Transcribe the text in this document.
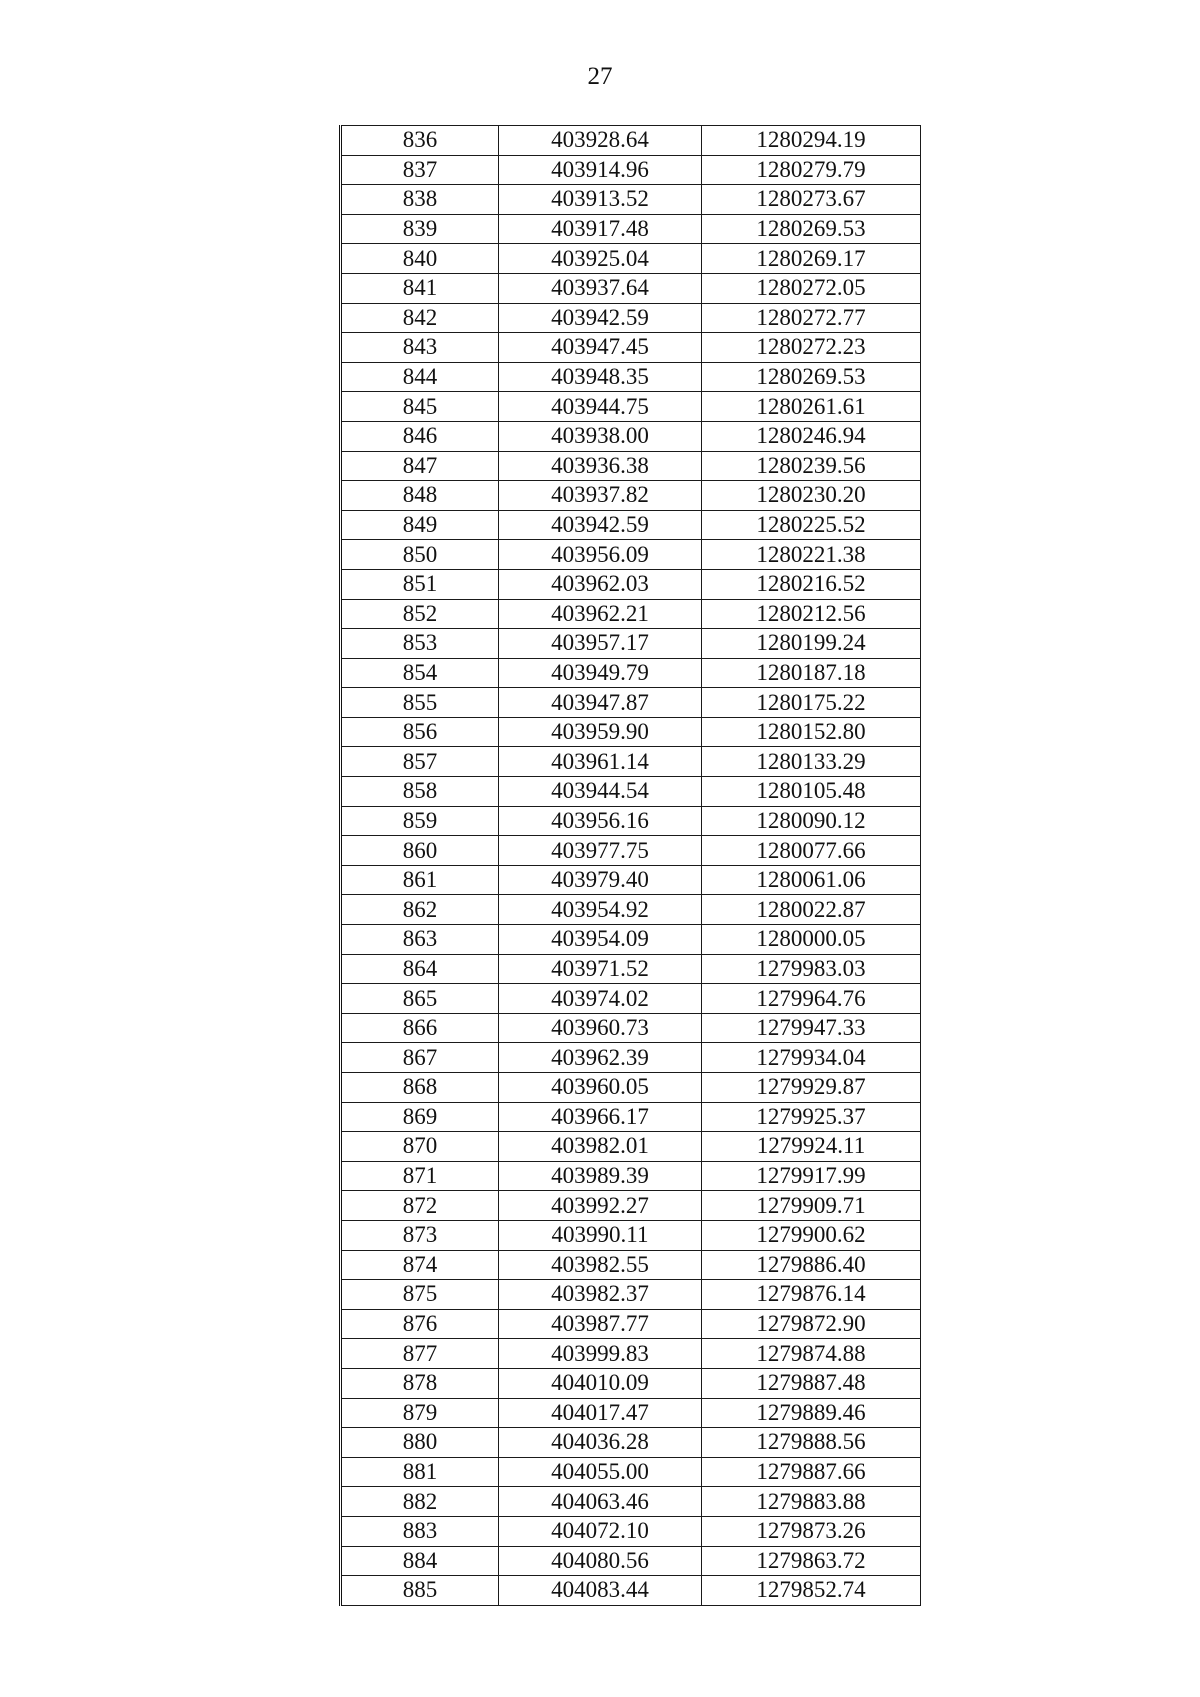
27
836	403928.64	1280294.19
837	403914.96	1280279.79
838	403913.52	1280273.67
839	403917.48	1280269.53
840	403925.04	1280269.17
841	403937.64	1280272.05
842	403942.59	1280272.77
843	403947.45	1280272.23
844	403948.35	1280269.53
845	403944.75	1280261.61
846	403938.00	1280246.94
847	403936.38	1280239.56
848	403937.82	1280230.20
849	403942.59	1280225.52
850	403956.09	1280221.38
851	403962.03	1280216.52
852	403962.21	1280212.56
853	403957.17	1280199.24
854	403949.79	1280187.18
855	403947.87	1280175.22
856	403959.90	1280152.80
857	403961.14	1280133.29
858	403944.54	1280105.48
859	403956.16	1280090.12
860	403977.75	1280077.66
861	403979.40	1280061.06
862	403954.92	1280022.87
863	403954.09	1280000.05
864	403971.52	1279983.03
865	403974.02	1279964.76
866	403960.73	1279947.33
867	403962.39	1279934.04
868	403960.05	1279929.87
869	403966.17	1279925.37
870	403982.01	1279924.11
871	403989.39	1279917.99
872	403992.27	1279909.71
873	403990.11	1279900.62
874	403982.55	1279886.40
875	403982.37	1279876.14
876	403987.77	1279872.90
877	403999.83	1279874.88
878	404010.09	1279887.48
879	404017.47	1279889.46
880	404036.28	1279888.56
881	404055.00	1279887.66
882	404063.46	1279883.88
883	404072.10	1279873.26
884	404080.56	1279863.72
885	404083.44	1279852.74
